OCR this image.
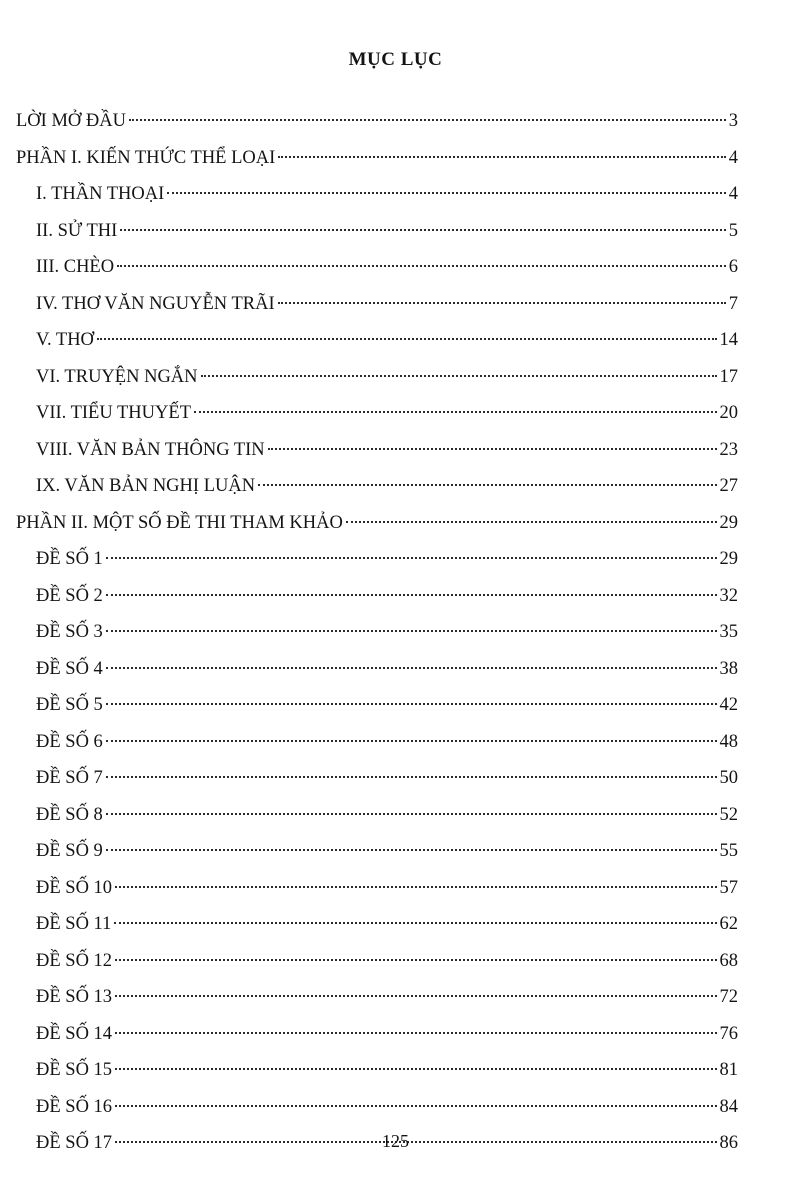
MỤC LỤC
LỜI MỞ ĐẦU	3
PHẦN I. KIẾN THỨC THỂ LOẠI	4
I. THẦN THOẠI	4
II. SỬ THI	5
III. CHÈO	6
IV. THƠ VĂN NGUYỄN TRÃI	7
V. THƠ	14
VI. TRUYỆN NGẮN	17
VII. TIỂU THUYẾT	20
VIII. VĂN BẢN THÔNG TIN	23
IX. VĂN BẢN NGHỊ LUẬN	27
PHẦN II. MỘT SỐ ĐỀ THI THAM KHẢO	29
ĐỀ SỐ 1	29
ĐỀ SỐ 2	32
ĐỀ SỐ 3	35
ĐỀ SỐ 4	38
ĐỀ SỐ 5	42
ĐỀ SỐ 6	48
ĐỀ SỐ 7	50
ĐỀ SỐ 8	52
ĐỀ SỐ 9	55
ĐỀ SỐ 10	57
ĐỀ SỐ 11	62
ĐỀ SỐ 12	68
ĐỀ SỐ 13	72
ĐỀ SỐ 14	76
ĐỀ SỐ 15	81
ĐỀ SỐ 16	84
ĐỀ SỐ 17	86
125
